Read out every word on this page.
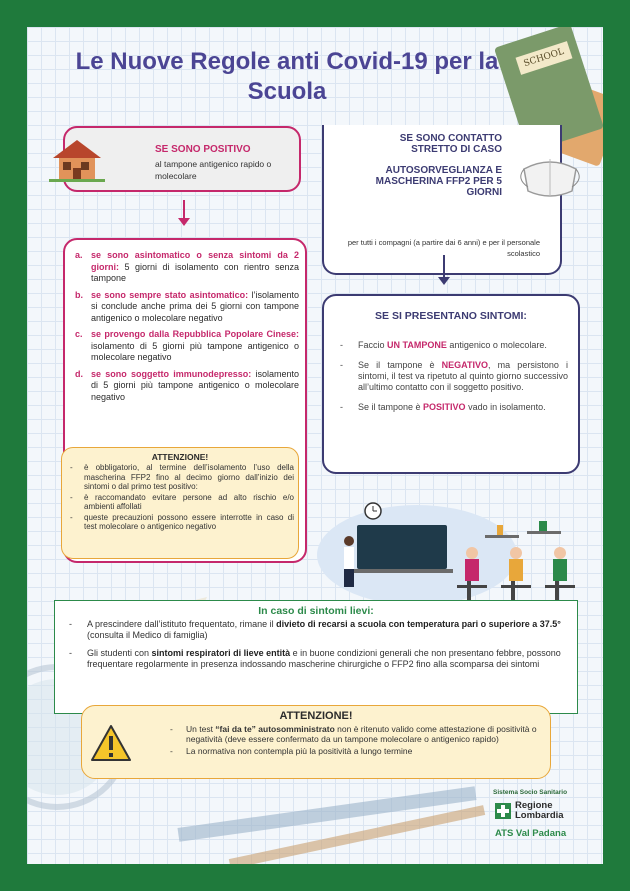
SCHOOL
Le Nuove Regole anti Covid-19 per la Scuola
SE SONO POSITIVO
al tampone antigenico rapido o molecolare
SE SONO CONTATTO STRETTO DI CASO
AUTOSORVEGLIANZA E MASCHERINA FFP2 PER 5 GIORNI
per tutti i compagni (a partire dai 6 anni) e per il personale scolastico
a. se sono asintomatico o senza sintomi da 2 giorni: 5 giorni di isolamento con rientro senza tampone
b. se sono sempre stato asintomatico: l’isolamento si conclude anche prima dei 5 giorni con tampone antigenico o molecolare negativo
c. se provengo dalla Repubblica Popolare Cinese: isolamento di 5 giorni più tampone antigenico o molecolare negativo
d. se sono soggetto immunodepresso: isolamento di 5 giorni più tampone antigenico o molecolare negativo
ATTENZIONE!
- è obbligatorio, al termine dell’isolamento l’uso della mascherina FFP2 fino al decimo giorno dall’inizio dei sintomi o dal primo test positivo:
- è raccomandato evitare persone ad alto rischio e/o ambienti affollati
- queste precauzioni possono essere interrotte in caso di test molecolare o antigenico negativo
SE SI PRESENTANO SINTOMI:
- Faccio UN TAMPONE antigenico o molecolare.
- Se il tampone è NEGATIVO, ma persistono i sintomi, il test va ripetuto al quinto giorno successivo all’ultimo contatto con il soggetto positivo.
- Se il tampone è POSITIVO vado in isolamento.
In caso di sintomi lievi:
- A prescindere dall’istituto frequentato, rimane il divieto di recarsi a scuola con temperatura pari o superiore a 37.5° (consulta il Medico di famiglia)
- Gli studenti con sintomi respiratori di lieve entità e in buone condizioni generali che non presentano febbre, possono frequentare regolarmente in presenza indossando mascherine chirurgiche o FFP2 fino alla scomparsa dei sintomi
ATTENZIONE!
- Un test “fai da te” autosomministrato non è ritenuto valido come attestazione di positività o negatività (deve essere confermato da un tampone molecolare o antigenico rapido)
- La normativa non contempla più la positività a lungo termine
Sistema Socio Sanitario
Regione
Lombardia
ATS Val Padana
